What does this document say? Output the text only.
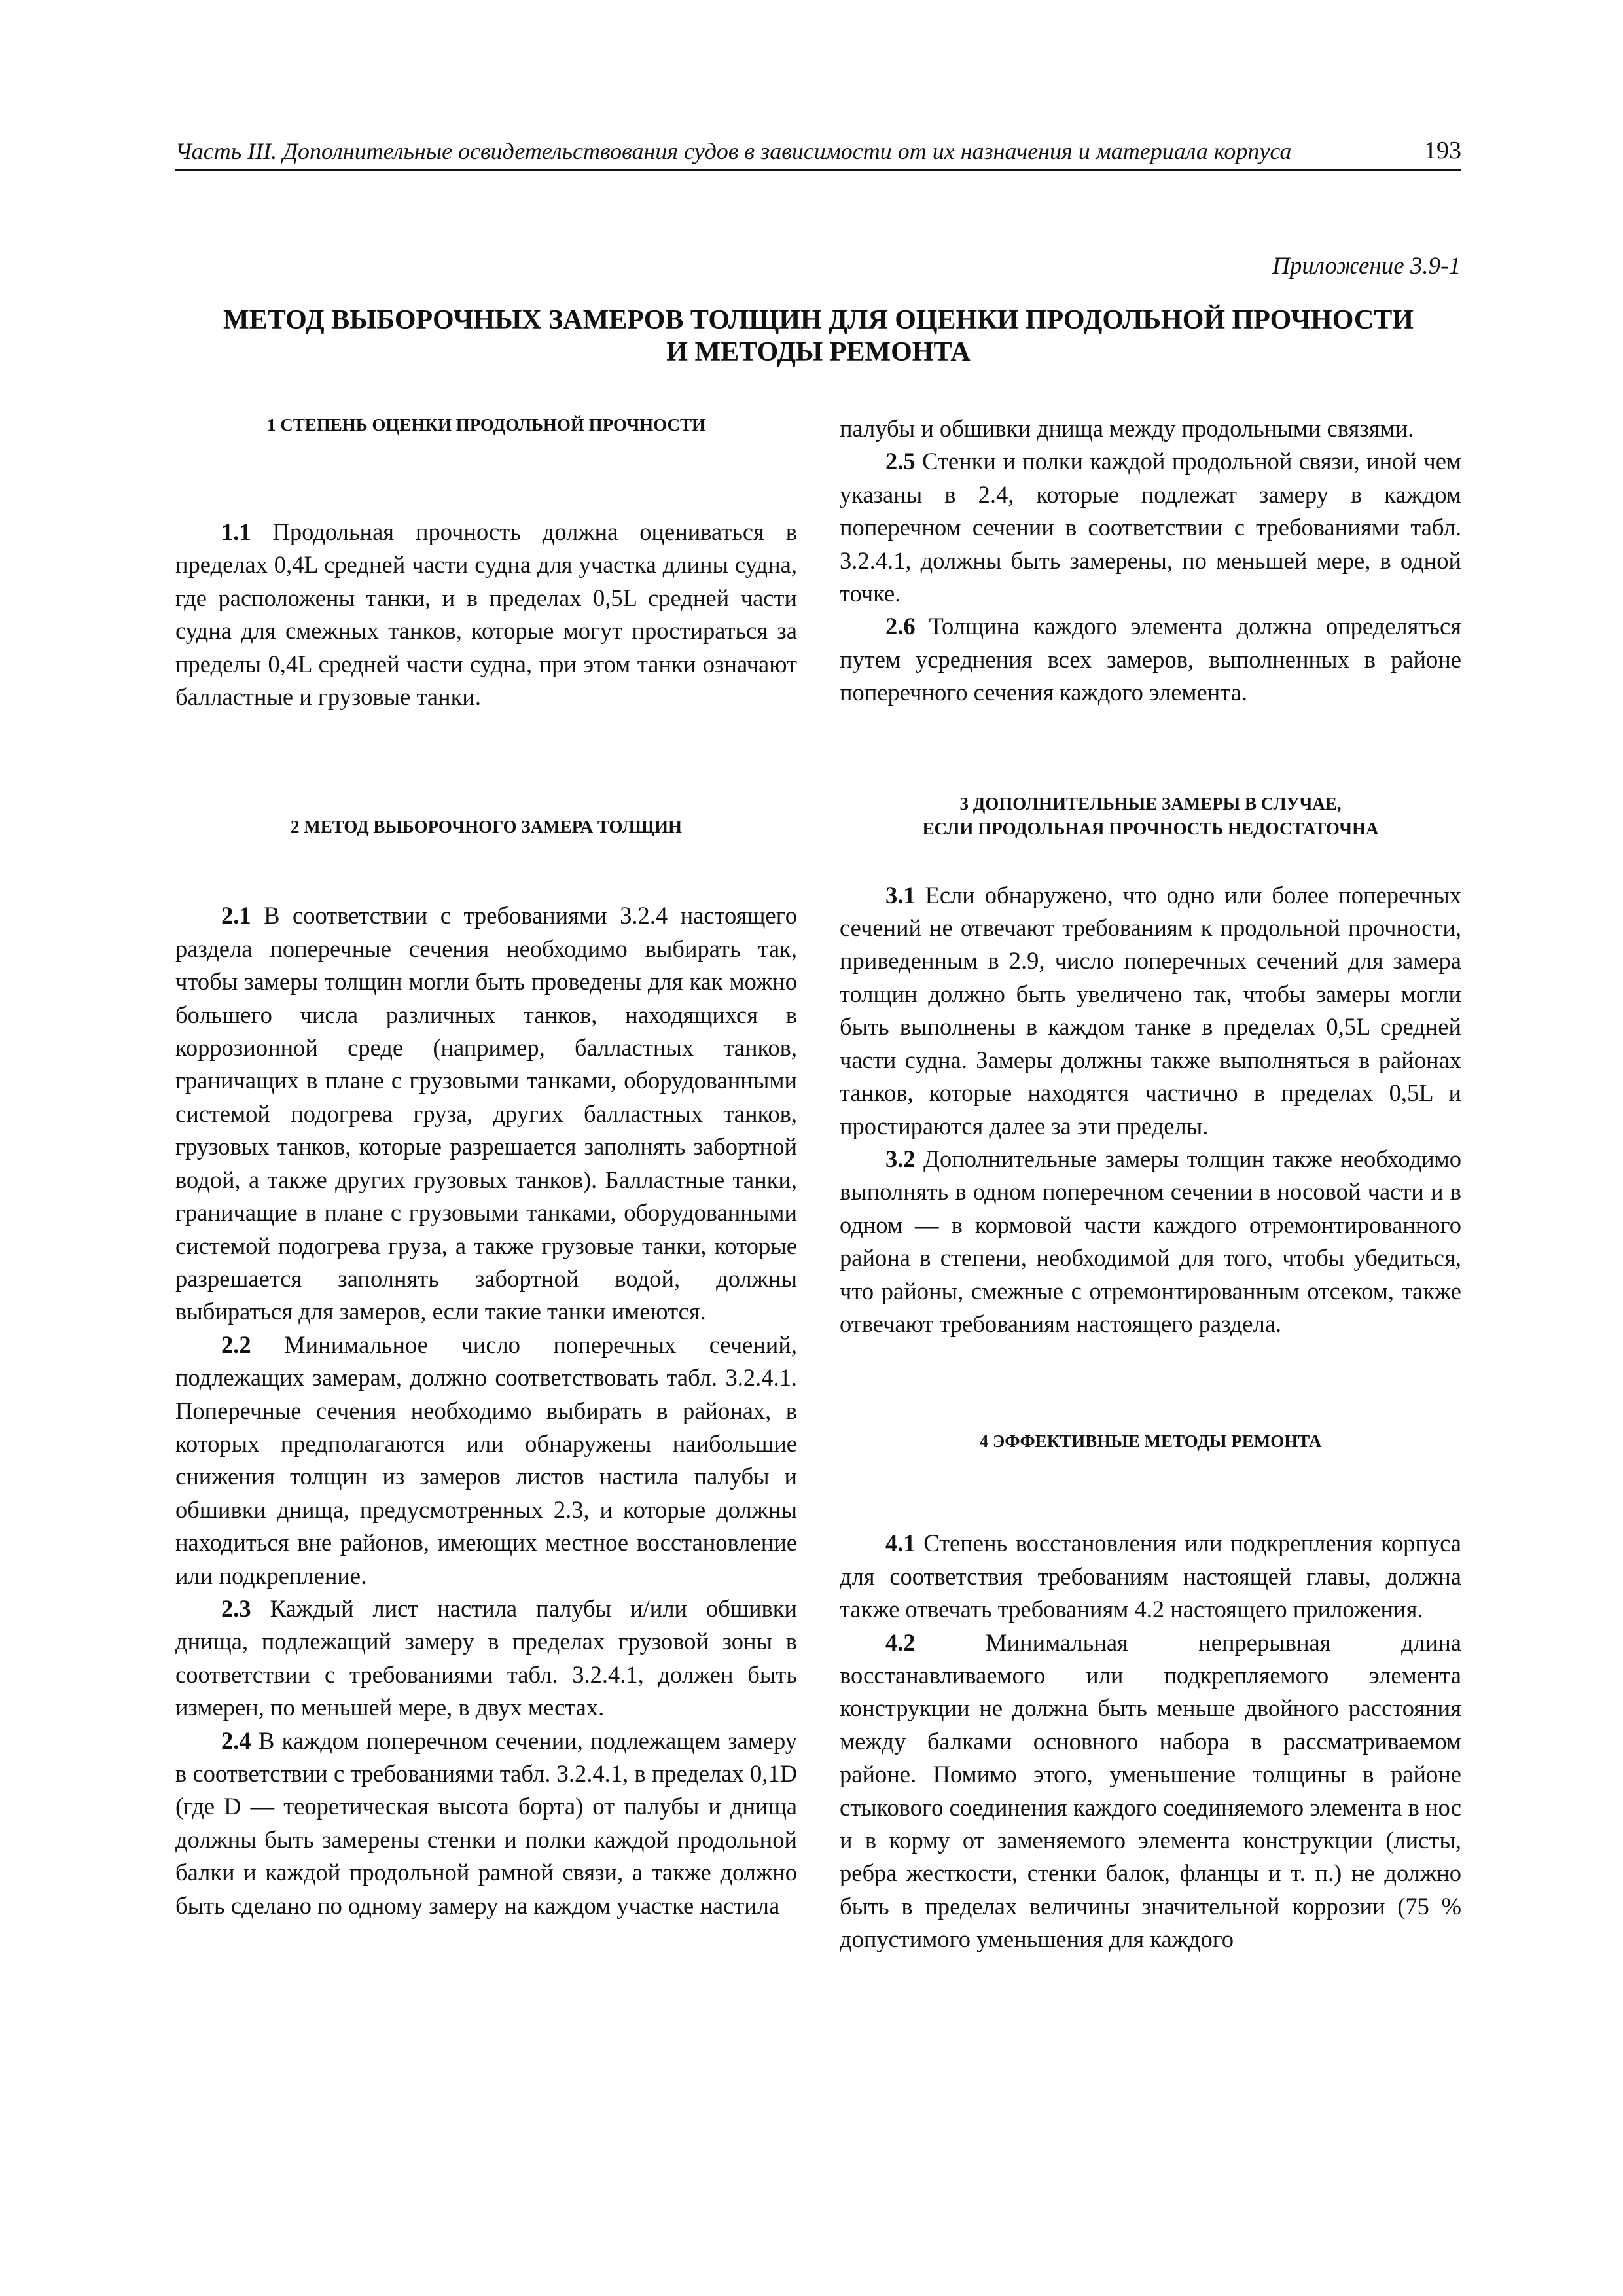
Часть III. Дополнительные освидетельствования судов в зависимости от их назначения и материала корпуса	193
Приложение 3.9-1
МЕТОД ВЫБОРОЧНЫХ ЗАМЕРОВ ТОЛЩИН ДЛЯ ОЦЕНКИ ПРОДОЛЬНОЙ ПРОЧНОСТИ
И МЕТОДЫ РЕМОНТА
1 СТЕПЕНЬ ОЦЕНКИ ПРОДОЛЬНОЙ ПРОЧНОСТИ

1.1 Продольная прочность должна оцениваться в пределах 0,4L средней части судна для участка длины судна, где расположены танки, и в пределах 0,5L средней части судна для смежных танков, которые могут простираться за пределы 0,4L средней части судна, при этом танки означают балластные и грузовые танки.

2 МЕТОД ВЫБОРОЧНОГО ЗАМЕРА ТОЛЩИН

2.1 В соответствии с требованиями 3.2.4 настоящего раздела поперечные сечения необходимо выбирать так, чтобы замеры толщин могли быть проведены для как можно большего числа различных танков, находящихся в коррозионной среде (например, балластных танков, граничащих в плане с грузовыми танками, оборудованными системой подогрева груза, других балластных танков, грузовых танков, которые разрешается заполнять забортной водой, а также других грузовых танков). Балластные танки, граничащие в плане с грузовыми танками, оборудованными системой подогрева груза, а также грузовые танки, которые разрешается заполнять забортной водой, должны выбираться для замеров, если такие танки имеются.

2.2 Минимальное число поперечных сечений, подлежащих замерам, должно соответствовать табл. 3.2.4.1. Поперечные сечения необходимо выбирать в районах, в которых предполагаются или обнаружены наибольшие снижения толщин из замеров листов настила палубы и обшивки днища, предусмотренных 2.3, и которые должны находиться вне районов, имеющих местное восстановление или подкрепление.

2.3 Каждый лист настила палубы и/или обшивки днища, подлежащий замеру в пределах грузовой зоны в соответствии с требованиями табл. 3.2.4.1, должен быть измерен, по меньшей мере, в двух местах.

2.4 В каждом поперечном сечении, подлежащем замеру в соответствии с требованиями табл. 3.2.4.1, в пределах 0,1D (где D — теоретическая высота борта) от палубы и днища должны быть замерены стенки и полки каждой продольной балки и каждой продольной рамной связи, а также должно быть сделано по одному замеру на каждом участке настила

палубы и обшивки днища между продольными связями.

2.5 Стенки и полки каждой продольной связи, иной чем указаны в 2.4, которые подлежат замеру в каждом поперечном сечении в соответствии с требованиями табл. 3.2.4.1, должны быть замерены, по меньшей мере, в одной точке.

2.6 Толщина каждого элемента должна определяться путем усреднения всех замеров, выполненных в районе поперечного сечения каждого элемента.

3 ДОПОЛНИТЕЛЬНЫЕ ЗАМЕРЫ В СЛУЧАЕ,
ЕСЛИ ПРОДОЛЬНАЯ ПРОЧНОСТЬ НЕДОСТАТОЧНА

3.1 Если обнаружено, что одно или более поперечных сечений не отвечают требованиям к продольной прочности, приведенным в 2.9, число поперечных сечений для замера толщин должно быть увеличено так, чтобы замеры могли быть выполнены в каждом танке в пределах 0,5L средней части судна. Замеры должны также выполняться в районах танков, которые находятся частично в пределах 0,5L и простираются далее за эти пределы.

3.2 Дополнительные замеры толщин также необходимо выполнять в одном поперечном сечении в носовой части и в одном — в кормовой части каждого отремонтированного района в степени, необходимой для того, чтобы убедиться, что районы, смежные с отремонтированным отсеком, также отвечают требованиям настоящего раздела.

4 ЭФФЕКТИВНЫЕ МЕТОДЫ РЕМОНТА

4.1 Степень восстановления или подкрепления корпуса для соответствия требованиям настоящей главы, должна также отвечать требованиям 4.2 настоящего приложения.

4.2	Минимальная непрерывная длина восстанавливаемого или подкрепляемого элемента конструкции не должна быть меньше двойного расстояния между балками основного набора в рассматриваемом районе. Помимо этого, уменьшение толщины в районе стыкового соединения каждого соединяемого элемента в нос и в корму от заменяемого элемента конструкции (листы, ребра жесткости, стенки балок, фланцы и т. п.) не должно быть в пределах величины значительной коррозии (75 % допустимого уменьшения для каждого
